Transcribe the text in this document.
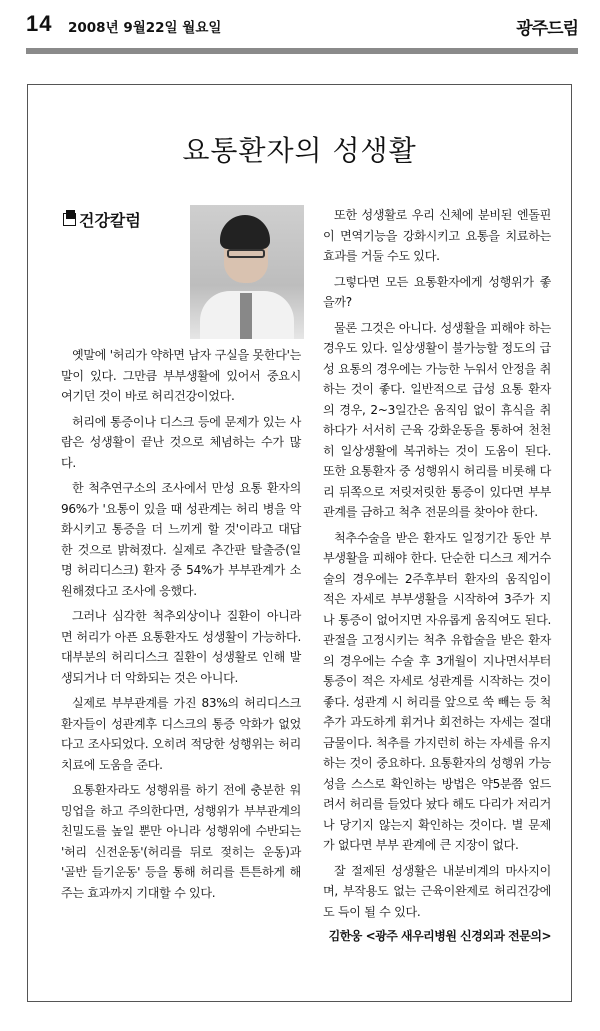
14 2008년 9월22일 월요일	광주드림
요통환자의 성생활
건강칼럼

옛말에 '허리가 약하면 남자 구실을 못한다'는 말이 있다. 그만큼 부부생활에 있어서 중요시 여기던 것이 바로 허리건강이었다.

허리에 통증이나 디스크 등에 문제가 있는 사람은 성생활이 끝난 것으로 체념하는 수가 많다.

한 척추연구소의 조사에서 만성 요통 환자의 96%가 '요통이 있을 때 성관계는 허리 병을 악화시키고 통증을 더 느끼게 할 것'이라고 대답한 것으로 밝혀졌다. 실제로 추간판 탈출증(일명 허리디스크) 환자 중 54%가 부부관계가 소원해졌다고 조사에 응했다.

그러나 심각한 척추외상이나 질환이 아니라면 허리가 아픈 요통환자도 성생활이 가능하다. 대부분의 허리디스크 질환이 성생활로 인해 발생되거나 더 악화되는 것은 아니다.

실제로 부부관계를 가진 83%의 허리디스크 환자들이 성관계후 디스크의 통증 악화가 없었다고 조사되었다. 오히려 적당한 성행위는 허리치료에 도움을 준다.

요통환자라도 성행위를 하기 전에 충분한 워밍업을 하고 주의한다면, 성행위가 부부관계의 친밀도를 높일 뿐만 아니라 성행위에 수반되는 '허리 신전운동'(허리를 뒤로 젖히는 운동)과 '골반 들기운동' 등을 통해 허리를 튼튼하게 해주는 효과까지 기대할 수 있다.

또한 성생활로 우리 신체에 분비된 엔돌핀이 면역기능을 강화시키고 요통을 치료하는 효과를 거둘 수도 있다.

그렇다면 모든 요통환자에게 성행위가 좋을까?

물론 그것은 아니다. 성생활을 피해야 하는 경우도 있다. 일상생활이 불가능할 정도의 급성 요통의 경우에는 가능한 누워서 안정을 취하는 것이 좋다. 일반적으로 급성 요통 환자의 경우, 2~3일간은 움직임 없이 휴식을 취하다가 서서히 근육 강화운동을 통하여 천천히 일상생활에 복귀하는 것이 도움이 된다. 또한 요통환자 중 성행위시 허리를 비롯해 다리 뒤쪽으로 저릿저릿한 통증이 있다면 부부관계를 금하고 척추 전문의를 찾아야 한다.

척추수술을 받은 환자도 일정기간 동안 부부생활을 피해야 한다. 단순한 디스크 제거수술의 경우에는 2주후부터 환자의 움직임이 적은 자세로 부부생활을 시작하여 3주가 지나 통증이 없어지면 자유롭게 움직여도 된다. 관절을 고정시키는 척추 유합술을 받은 환자의 경우에는 수술 후 3개월이 지나면서부터 통증이 적은 자세로 성관계를 시작하는 것이 좋다. 성관계 시 허리를 앞으로 쑥 빼는 등 척추가 과도하게 휘거나 회전하는 자세는 절대 금물이다. 척추를 가지런히 하는 자세를 유지하는 것이 중요하다. 요통환자의 성행위 가능성을 스스로 확인하는 방법은 약5분쯤 엎드려서 허리를 들었다 놨다 해도 다리가 저리거나 당기지 않는지 확인하는 것이다. 별 문제가 없다면 부부 관계에 큰 지장이 없다.

잘 절제된 성생활은 내분비계의 마사지이며, 부작용도 없는 근육이완제로 허리건강에도 득이 될 수 있다.

김한웅 <광주 새우리병원 신경외과 전문의>
